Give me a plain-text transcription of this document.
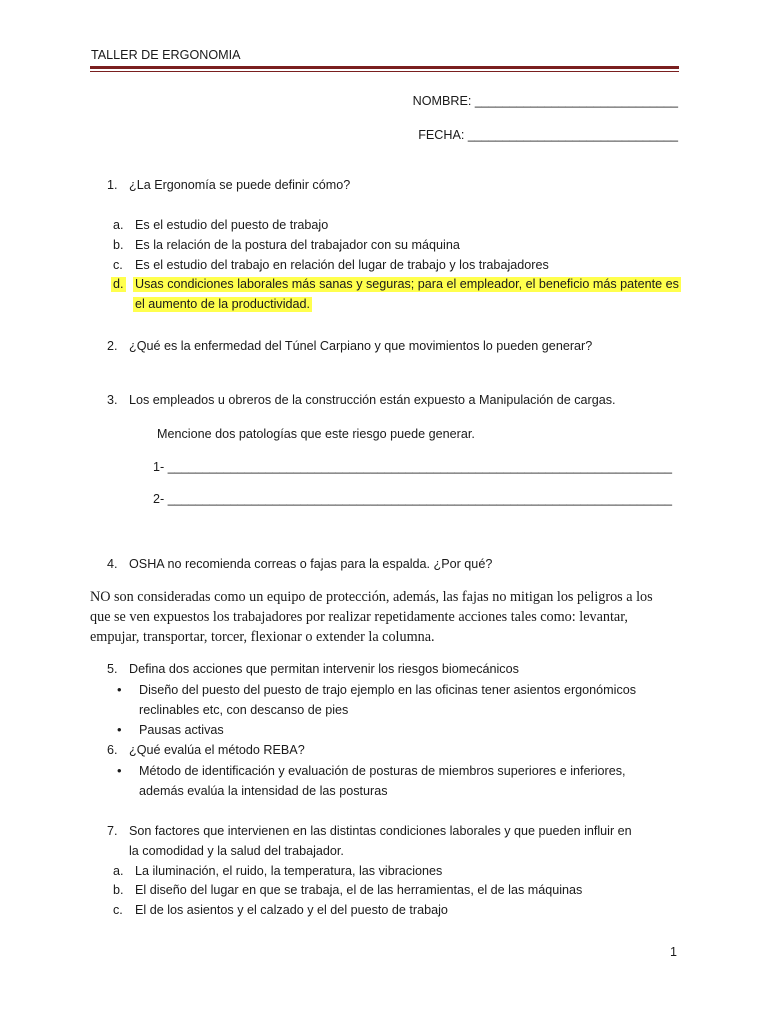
TALLER DE ERGONOMIA
NOMBRE: _____________________________
FECHA: ______________________________
1. ¿La Ergonomía se puede definir cómo?
a. Es el estudio del puesto de trabajo
b. Es la relación de la postura del trabajador con su máquina
c. Es el estudio del trabajo en relación del lugar de trabajo y los trabajadores
d. Usas condiciones laborales más sanas y seguras; para el empleador, el beneficio más patente es
el aumento de la productividad.
2. ¿Qué es la enfermedad del Túnel Carpiano y que movimientos lo pueden generar?
3. Los empleados u obreros de la construcción están expuesto a Manipulación de cargas.
Mencione dos patologías que este riesgo puede generar.
1- ________________________________________________________________________
2- ________________________________________________________________________
4. OSHA no recomienda correas o fajas para la espalda. ¿Por qué?
NO son consideradas como un equipo de protección, además, las fajas no mitigan los peligros a los
que se ven expuestos los trabajadores por realizar repetidamente acciones tales como: levantar,
empujar, transportar, torcer, flexionar o extender la columna.
5. Defina dos acciones que permitan intervenir los riesgos biomecánicos
• Diseño del puesto del puesto de trajo ejemplo en las oficinas tener asientos ergonómicos
reclinables etc, con descanso de pies
• Pausas activas
6. ¿Qué evalúa el método REBA?
• Método de identificación y evaluación de posturas de miembros superiores e inferiores,
además evalúa la intensidad de las posturas
7. Son factores que intervienen en las distintas condiciones laborales y que pueden influir en
la comodidad y la salud del trabajador.
a. La iluminación, el ruido, la temperatura, las vibraciones
b. El diseño del lugar en que se trabaja, el de las herramientas, el de las máquinas
c. El de los asientos y el calzado y el del puesto de trabajo
1
